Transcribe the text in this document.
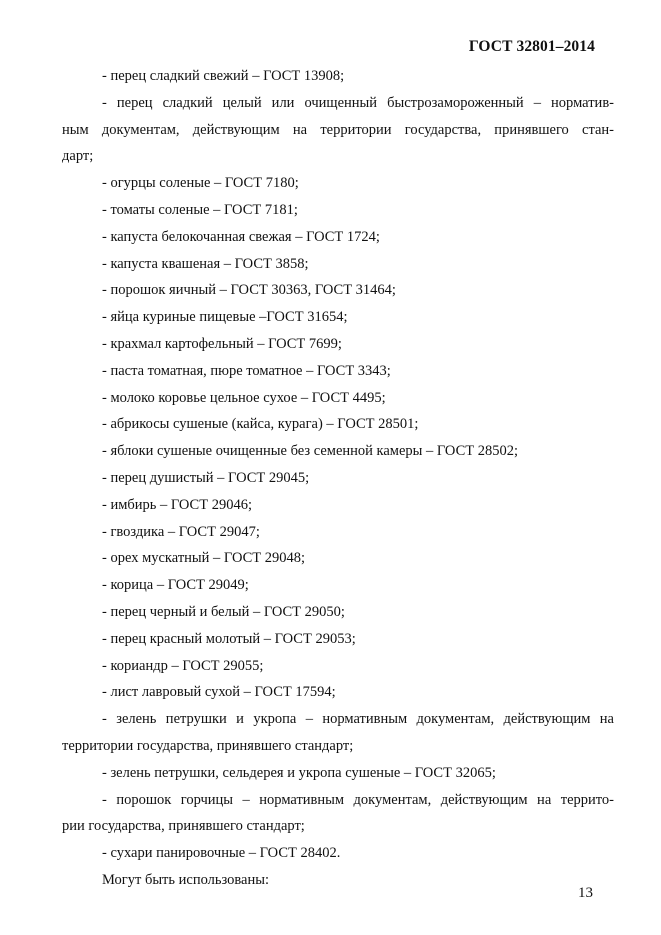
ГОСТ 32801–2014
- перец сладкий свежий – ГОСТ 13908;
- перец сладкий целый или очищенный быстрозамороженный – норматив-
ным документам, действующим на территории государства, принявшего стан-
дарт;
- огурцы соленые – ГОСТ 7180;
- томаты соленые – ГОСТ 7181;
- капуста белокочанная свежая – ГОСТ 1724;
- капуста квашеная – ГОСТ 3858;
- порошок яичный – ГОСТ 30363, ГОСТ 31464;
- яйца куриные пищевые –ГОСТ 31654;
- крахмал картофельный – ГОСТ 7699;
- паста томатная, пюре томатное – ГОСТ 3343;
- молоко коровье цельное сухое – ГОСТ 4495;
- абрикосы сушеные (кайса, курага) – ГОСТ 28501;
- яблоки сушеные очищенные без семенной камеры – ГОСТ 28502;
- перец душистый – ГОСТ 29045;
- имбирь – ГОСТ 29046;
- гвоздика – ГОСТ 29047;
- орех мускатный – ГОСТ 29048;
- корица – ГОСТ 29049;
- перец черный и белый – ГОСТ 29050;
- перец красный молотый – ГОСТ 29053;
- кориандр – ГОСТ 29055;
- лист лавровый сухой – ГОСТ 17594;
- зелень петрушки и укропа – нормативным документам, действующим на
территории государства, принявшего стандарт;
- зелень петрушки, сельдерея и укропа сушеные – ГОСТ 32065;
- порошок горчицы – нормативным документам, действующим на террито-
рии государства, принявшего стандарт;
- сухари панировочные – ГОСТ 28402.
Могут быть использованы:
13
